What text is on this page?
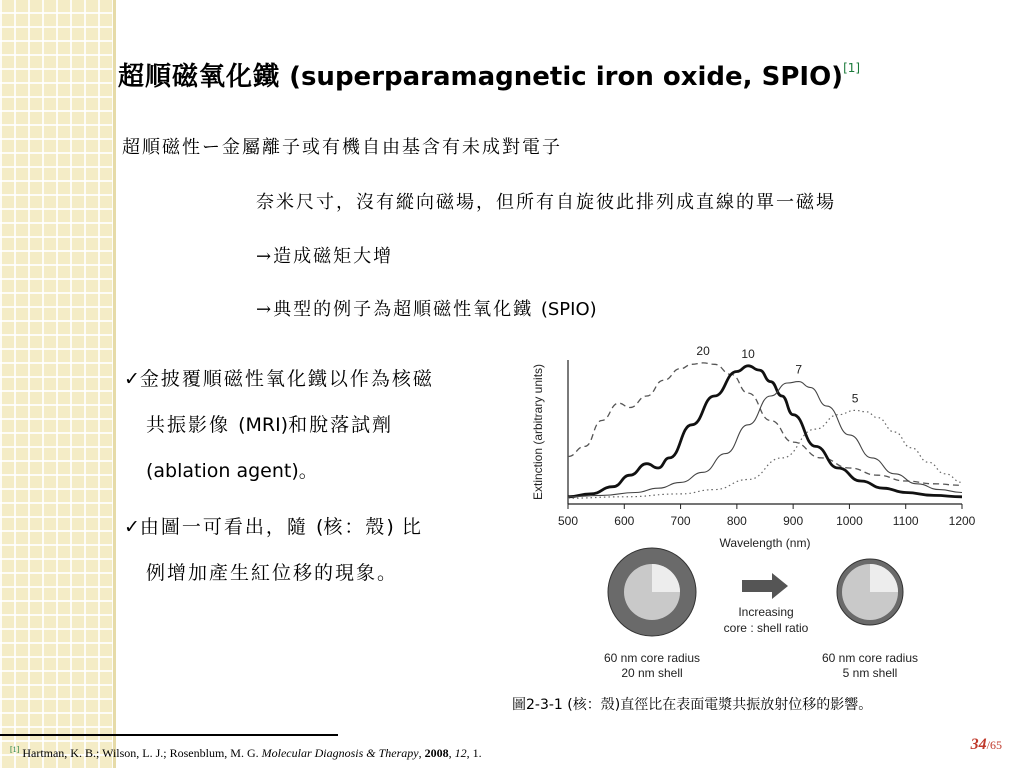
超順磁氧化鐵 (superparamagnetic iron oxide, SPIO)[1]
超順磁性ー金屬離子或有機自由基含有未成對電子
奈米尺寸，沒有縱向磁場，但所有自旋彼此排列成直線的單一磁場
→造成磁矩大增
→典型的例子為超順磁性氧化鐵 (SPIO)
✓金披覆順磁性氧化鐵以作為核磁
共振影像 (MRI)和脫落試劑
(ablation agent)。
✓由圖一可看出，隨 (核：殼) 比
例增加產生紅位移的現象。
500	600	700	800	900	1000	1100	1200
Wavelength (nm)
Extinction (arbitrary units)
20	10
7
5
Increasing
core : shell ratio
60 nm core radius
20 nm shell
60 nm core radius
5 nm shell
圖2-3-1 (核：殼)直徑比在表面電漿共振放射位移的影響。
[1] Hartman, K. B.; Wilson, L. J.; Rosenblum, M. G. Molecular Diagnosis & Therapy, 2008, 12, 1.	34/65
